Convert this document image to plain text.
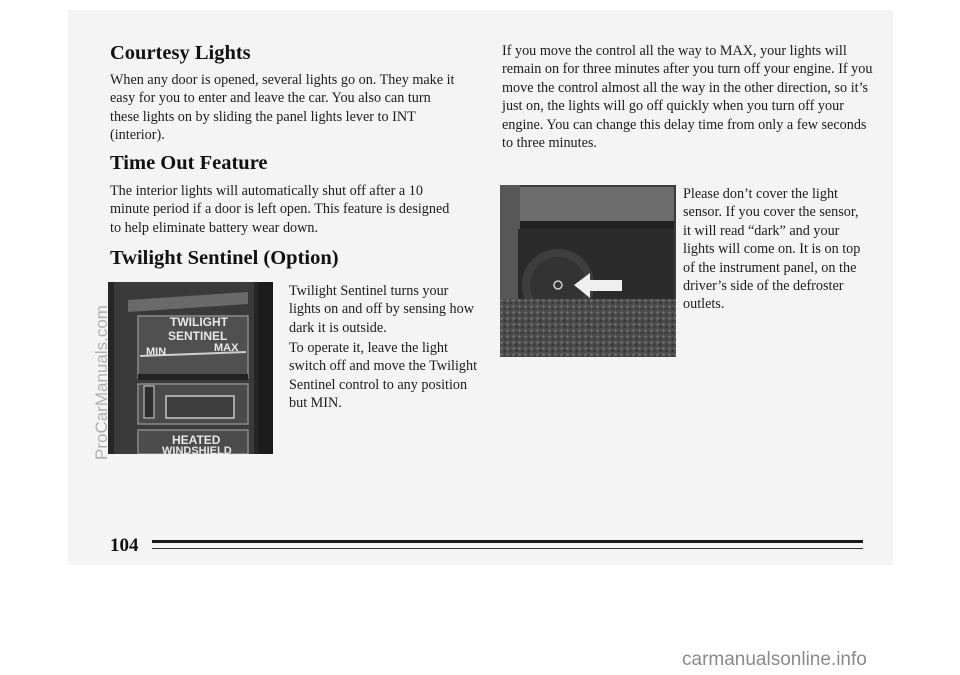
Courtesy Lights

When any door is opened, several lights go on. They make it easy for you to enter and leave the car. You also can turn these lights on by sliding the panel lights lever to INT (interior).

Time Out Feature

The interior lights will automatically shut off after a 10 minute period if a door is left open. This feature is designed to help eliminate battery wear down.

Twilight Sentinel (Option)
TWILIGHT
SENTINEL
MIN	MAX
HEATED
WINDSHIELD

Twilight Sentinel turns your lights on and off by sensing how dark it is outside.

To operate it, leave the light switch off and move the Twilight Sentinel control to any position but MIN.

If you move the control all the way to MAX, your lights will remain on for three minutes after you turn off your engine. If you move the control almost all the way in the other direction, so it’s just on, the lights will go off quickly when you turn off your engine. You can change this delay time from only a few seconds to three minutes.

Please don’t cover the light sensor. If you cover the sensor, it will read “dark” and your lights will come on. It is on top of the instrument panel, on the driver’s side of the defroster outlets.

104
ProCarManuals.com
carmanualsonline.info
